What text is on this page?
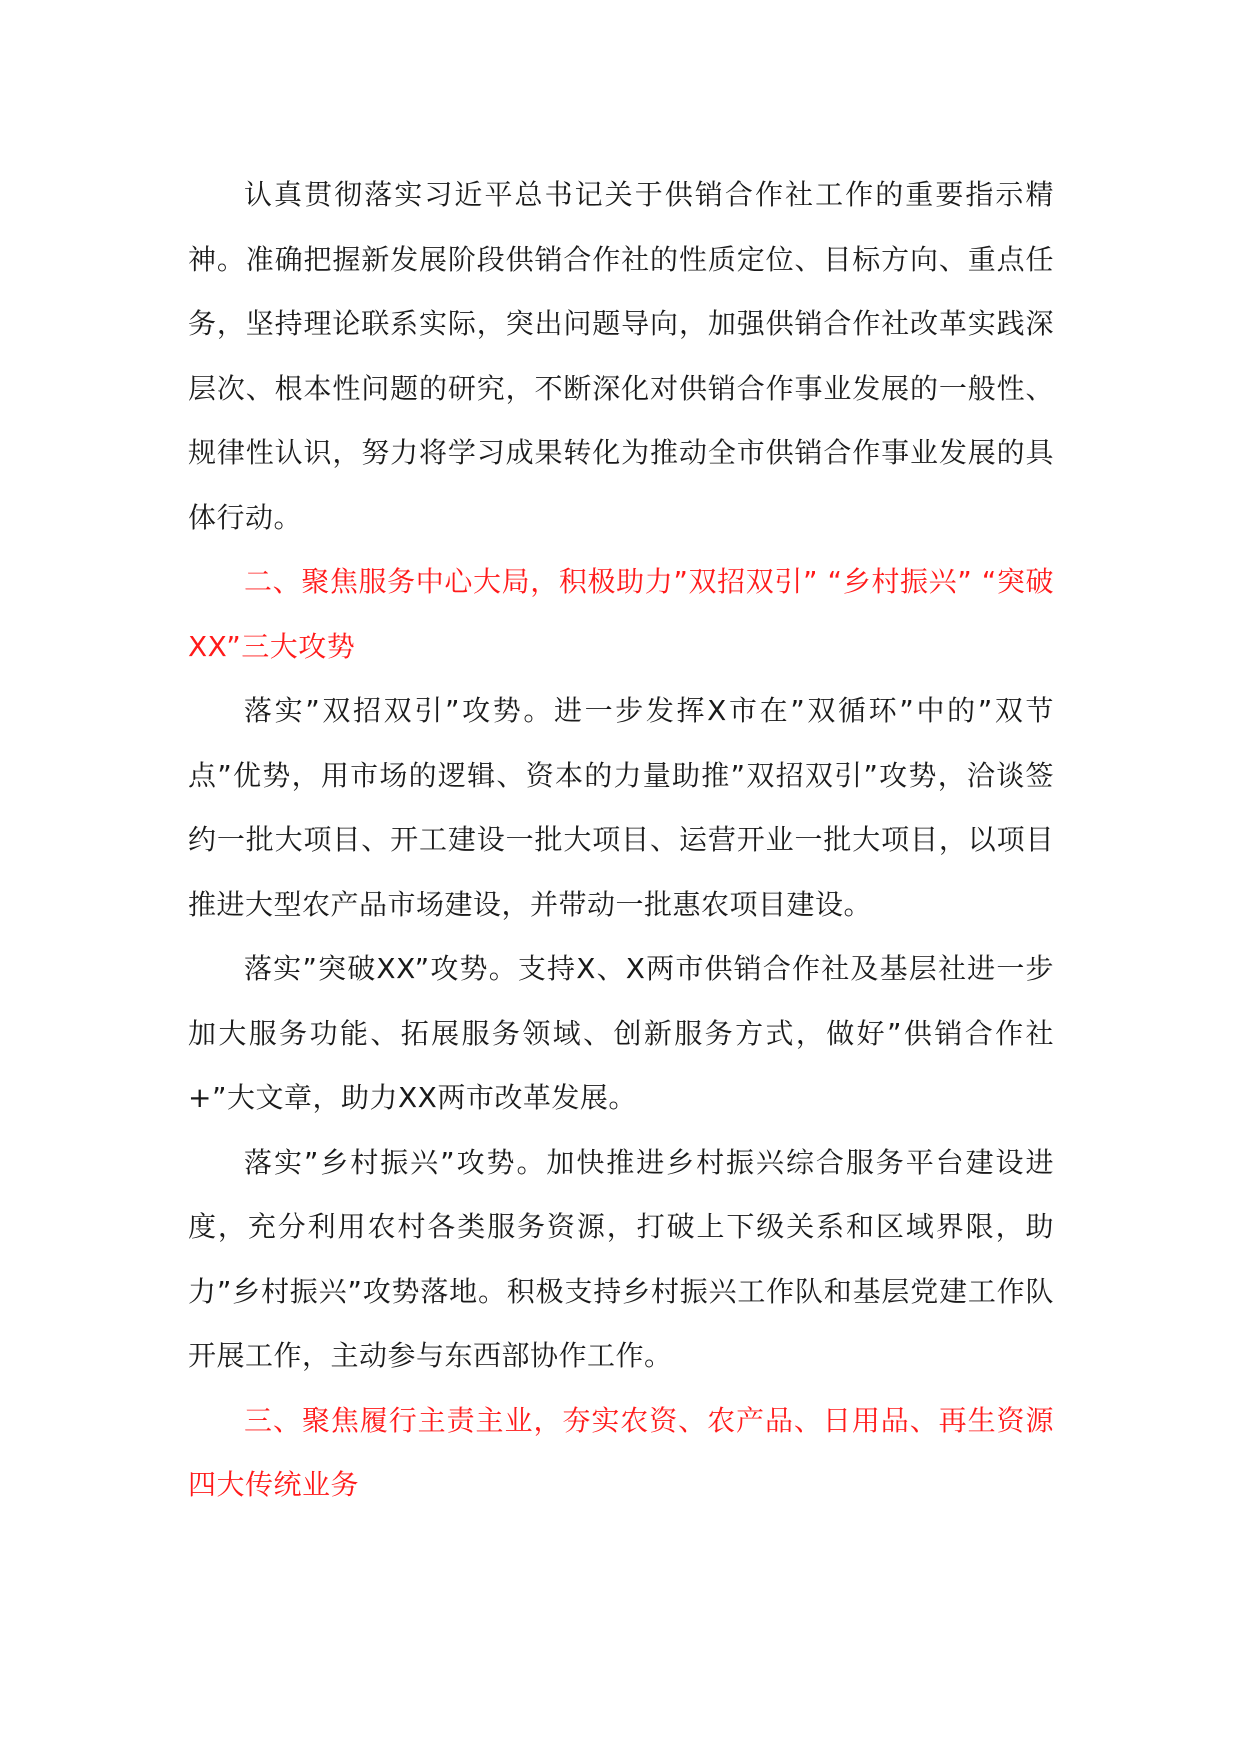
认真贯彻落实习近平总书记关于供销合作社工作的重要指示精神。准确把握新发展阶段供销合作社的性质定位、目标方向、重点任务，坚持理论联系实际，突出问题导向，加强供销合作社改革实践深层次、根本性问题的研究，不断深化对供销合作事业发展的一般性、规律性认识，努力将学习成果转化为推动全市供销合作事业发展的具体行动。

二、聚焦服务中心大局，积极助力”双招双引” “乡村振兴” “突破XX”三大攻势

落实”双招双引”攻势。进一步发挥X市在”双循环”中的”双节点”优势，用市场的逻辑、资本的力量助推”双招双引”攻势，洽谈签约一批大项目、开工建设一批大项目、运营开业一批大项目，以项目推进大型农产品市场建设，并带动一批惠农项目建设。

落实”突破XX”攻势。支持X、X两市供销合作社及基层社进一步加大服务功能、拓展服务领域、创新服务方式，做好”供销合作社+”大文章，助力XX两市改革发展。

落实”乡村振兴”攻势。加快推进乡村振兴综合服务平台建设进度，充分利用农村各类服务资源，打破上下级关系和区域界限，助力”乡村振兴”攻势落地。积极支持乡村振兴工作队和基层党建工作队开展工作，主动参与东西部协作工作。

三、聚焦履行主责主业，夯实农资、农产品、日用品、再生资源四大传统业务
